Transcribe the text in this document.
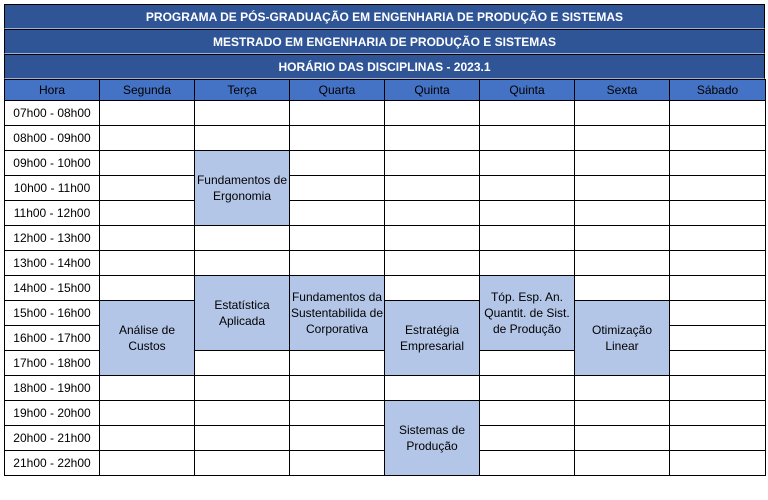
PROGRAMA DE PÓS-GRADUAÇÃO EM ENGENHARIA DE PRODUÇÃO E SISTEMAS
MESTRADO EM ENGENHARIA DE PRODUÇÃO E SISTEMAS
HORÁRIO DAS DISCIPLINAS - 2023.1
Hora	Segunda	Terça	Quarta	Quinta	Quinta	Sexta	Sábado
07h00 - 08h00							
08h00 - 09h00							
09h00 - 10h00		Fundamentos de Ergonomia					
10h00 - 11h00							
11h00 - 12h00							
12h00 - 13h00							
13h00 - 14h00							
14h00 - 15h00		Estatística Aplicada	Fundamentos da Sustentabilida de Corporativa		Tóp. Esp. An. Quantit. de Sist. de Produção		
15h00 - 16h00	Análise de Custos			Estratégia Empresarial		Otimização Linear	
16h00 - 17h00							
17h00 - 18h00							
18h00 - 19h00							
19h00 - 20h00				Sistemas de Produção			
20h00 - 21h00							
21h00 - 22h00							
